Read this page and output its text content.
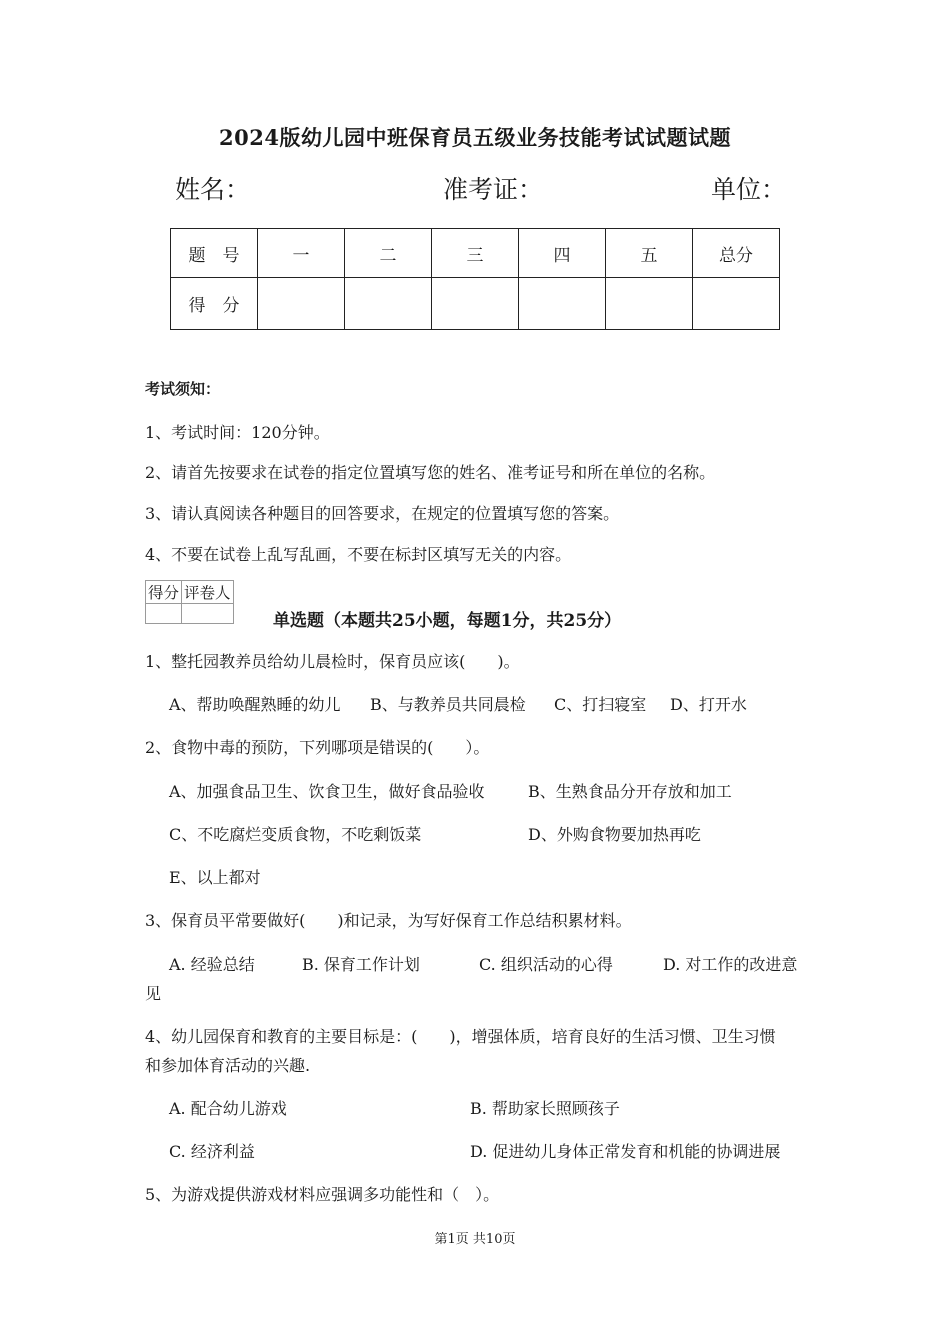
2024版幼儿园中班保育员五级业务技能考试试题试题
姓名：	准考证：	单位：
题　号	一	二	三	四	五	总分
得　分						
考试须知：
1、考试时间：120分钟。
2、请首先按要求在试卷的指定位置填写您的姓名、准考证号和所在单位的名称。
3、请认真阅读各种题目的回答要求，在规定的位置填写您的答案。
4、不要在试卷上乱写乱画，不要在标封区填写无关的内容。
得分	评卷人

单选题（本题共25小题，每题1分，共25分）
1、整托园教养员给幼儿晨检时，保育员应该(　　)。
A、帮助唤醒熟睡的幼儿 B、与教养员共同晨检 C、打扫寝室 D、打开水
2、食物中毒的预防，下列哪项是错误的(　　）。
A、加强食品卫生、饮食卫生，做好食品验收	B、生熟食品分开存放和加工
C、不吃腐烂变质食物，不吃剩饭菜	D、外购食物要加热再吃
E、以上都对
3、保育员平常要做好(　　)和记录，为写好保育工作总结积累材料。
A. 经验总结	B. 保育工作计划	C. 组织活动的心得	D. 对工作的改进意
见
4、幼儿园保育和教育的主要目标是：(　　)，增强体质，培育良好的生活习惯、卫生习惯
和参加体育活动的兴趣.
A. 配合幼儿游戏	B. 帮助家长照顾孩子
C. 经济利益	D. 促进幼儿身体正常发育和机能的协调进展
5、为游戏提供游戏材料应强调多功能性和（　）。
第1页 共10页
